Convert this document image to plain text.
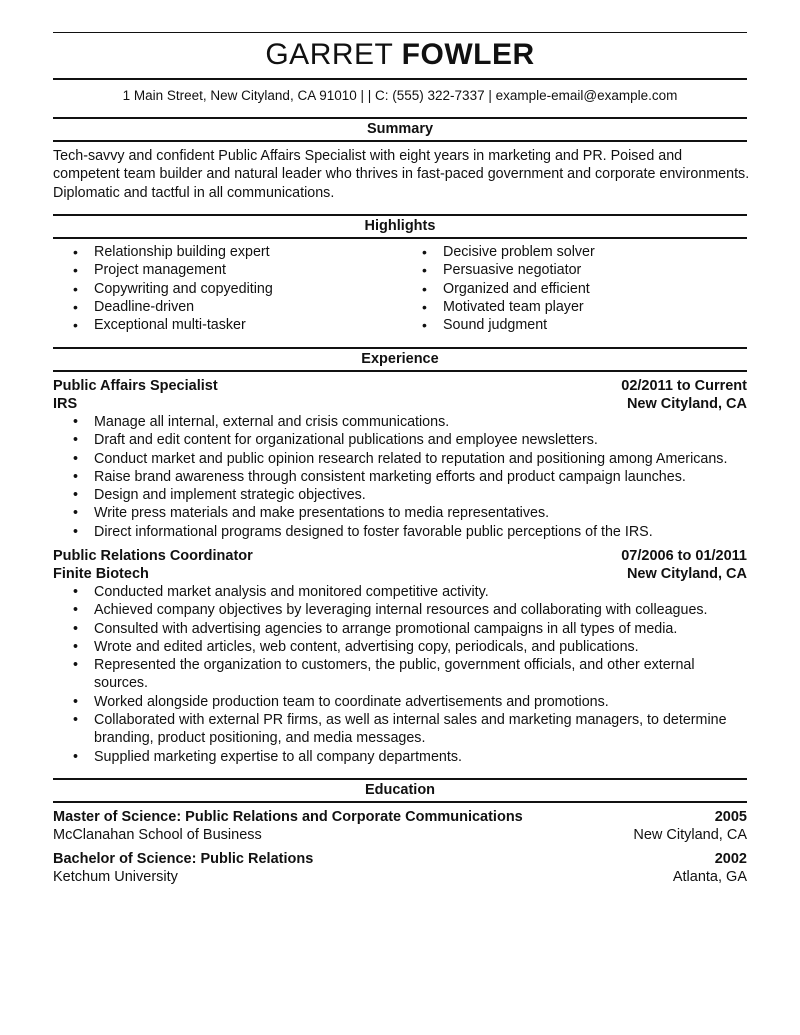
GARRET FOWLER
1 Main Street, New Cityland, CA 91010 | | C: (555) 322-7337 | example-email@example.com
Summary
Tech-savvy and confident Public Affairs Specialist with eight years in marketing and PR. Poised and
competent team builder and natural leader who thrives in fast-paced government and corporate environments.
Diplomatic and tactful in all communications.
Highlights
• Relationship building expert
• Project management
• Copywriting and copyediting
• Deadline-driven
• Exceptional multi-tasker
• Decisive problem solver
• Persuasive negotiator
• Organized and efficient
• Motivated team player
• Sound judgment
Experience
Public Affairs Specialist	02/2011 to Current
IRS	New Cityland, CA
• Manage all internal, external and crisis communications.
• Draft and edit content for organizational publications and employee newsletters.
• Conduct market and public opinion research related to reputation and positioning among Americans.
• Raise brand awareness through consistent marketing efforts and product campaign launches.
• Design and implement strategic objectives.
• Write press materials and make presentations to media representatives.
• Direct informational programs designed to foster favorable public perceptions of the IRS.
Public Relations Coordinator	07/2006 to 01/2011
Finite Biotech	New Cityland, CA
• Conducted market analysis and monitored competitive activity.
• Achieved company objectives by leveraging internal resources and collaborating with colleagues.
• Consulted with advertising agencies to arrange promotional campaigns in all types of media.
• Wrote and edited articles, web content, advertising copy, periodicals, and publications.
• Represented the organization to customers, the public, government officials, and other external
sources.
• Worked alongside production team to coordinate advertisements and promotions.
• Collaborated with external PR firms, as well as internal sales and marketing managers, to determine
branding, product positioning, and media messages.
• Supplied marketing expertise to all company departments.
Education
Master of Science: Public Relations and Corporate Communications	2005
McClanahan School of Business	New Cityland, CA
Bachelor of Science: Public Relations	2002
Ketchum University	Atlanta, GA
